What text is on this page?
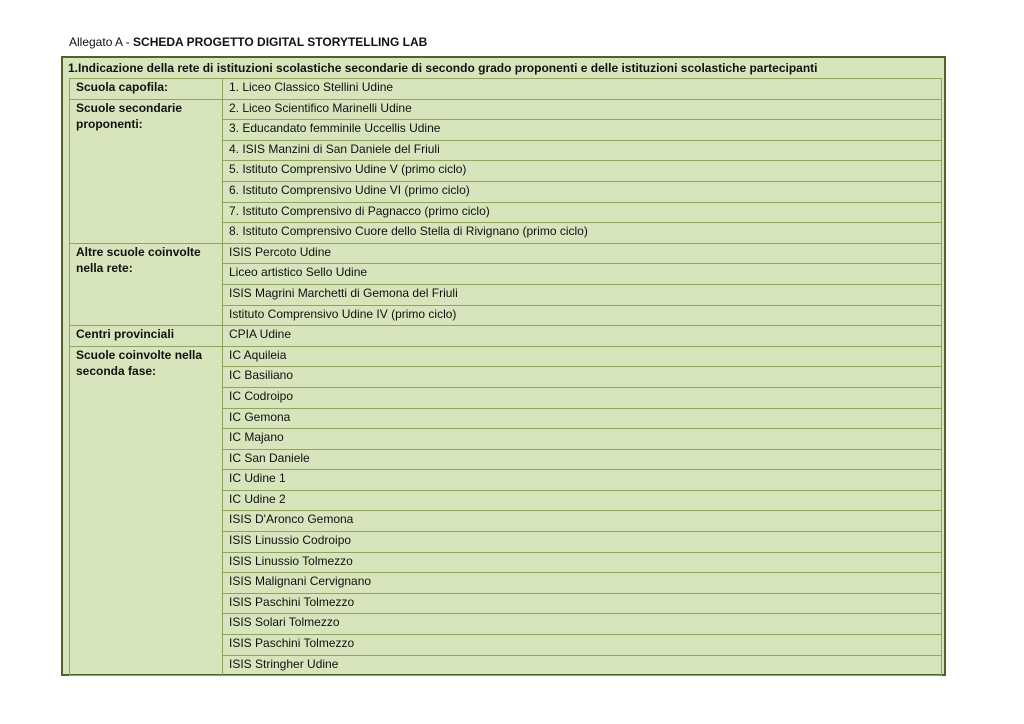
Allegato A - SCHEDA PROGETTO DIGITAL STORYTELLING LAB
1.Indicazione della rete di istituzioni scolastiche secondarie di secondo grado proponenti e delle istituzioni scolastiche partecipanti
Scuola capofila:	1. Liceo Classico Stellini Udine

Scuole secondarie proponenti:	2. Liceo Scientifico Marinelli Udine
	3. Educandato femminile Uccellis Udine
	4. ISIS Manzini di San Daniele del Friuli
	5. Istituto Comprensivo Udine V (primo ciclo)
	6. Istituto Comprensivo Udine VI (primo ciclo)
	7. Istituto Comprensivo di Pagnacco (primo ciclo)
	8. Istituto Comprensivo Cuore dello Stella di Rivignano (primo ciclo)

Altre scuole coinvolte nella rete:	ISIS Percoto Udine
	Liceo artistico Sello Udine
	ISIS Magrini Marchetti di Gemona del Friuli
	Istituto Comprensivo Udine IV (primo ciclo)

Centri provinciali	CPIA Udine

Scuole coinvolte nella seconda fase:	IC Aquileia
	IC Basiliano
	IC Codroipo
	IC Gemona
	IC Majano
	IC San Daniele
	IC Udine 1
	IC Udine 2
	ISIS D'Aronco Gemona
	ISIS Linussio Codroipo
	ISIS Linussio Tolmezzo
	ISIS Malignani Cervignano
	ISIS Paschini Tolmezzo
	ISIS Solari Tolmezzo
	ISIS Paschini Tolmezzo
	ISIS Stringher Udine
